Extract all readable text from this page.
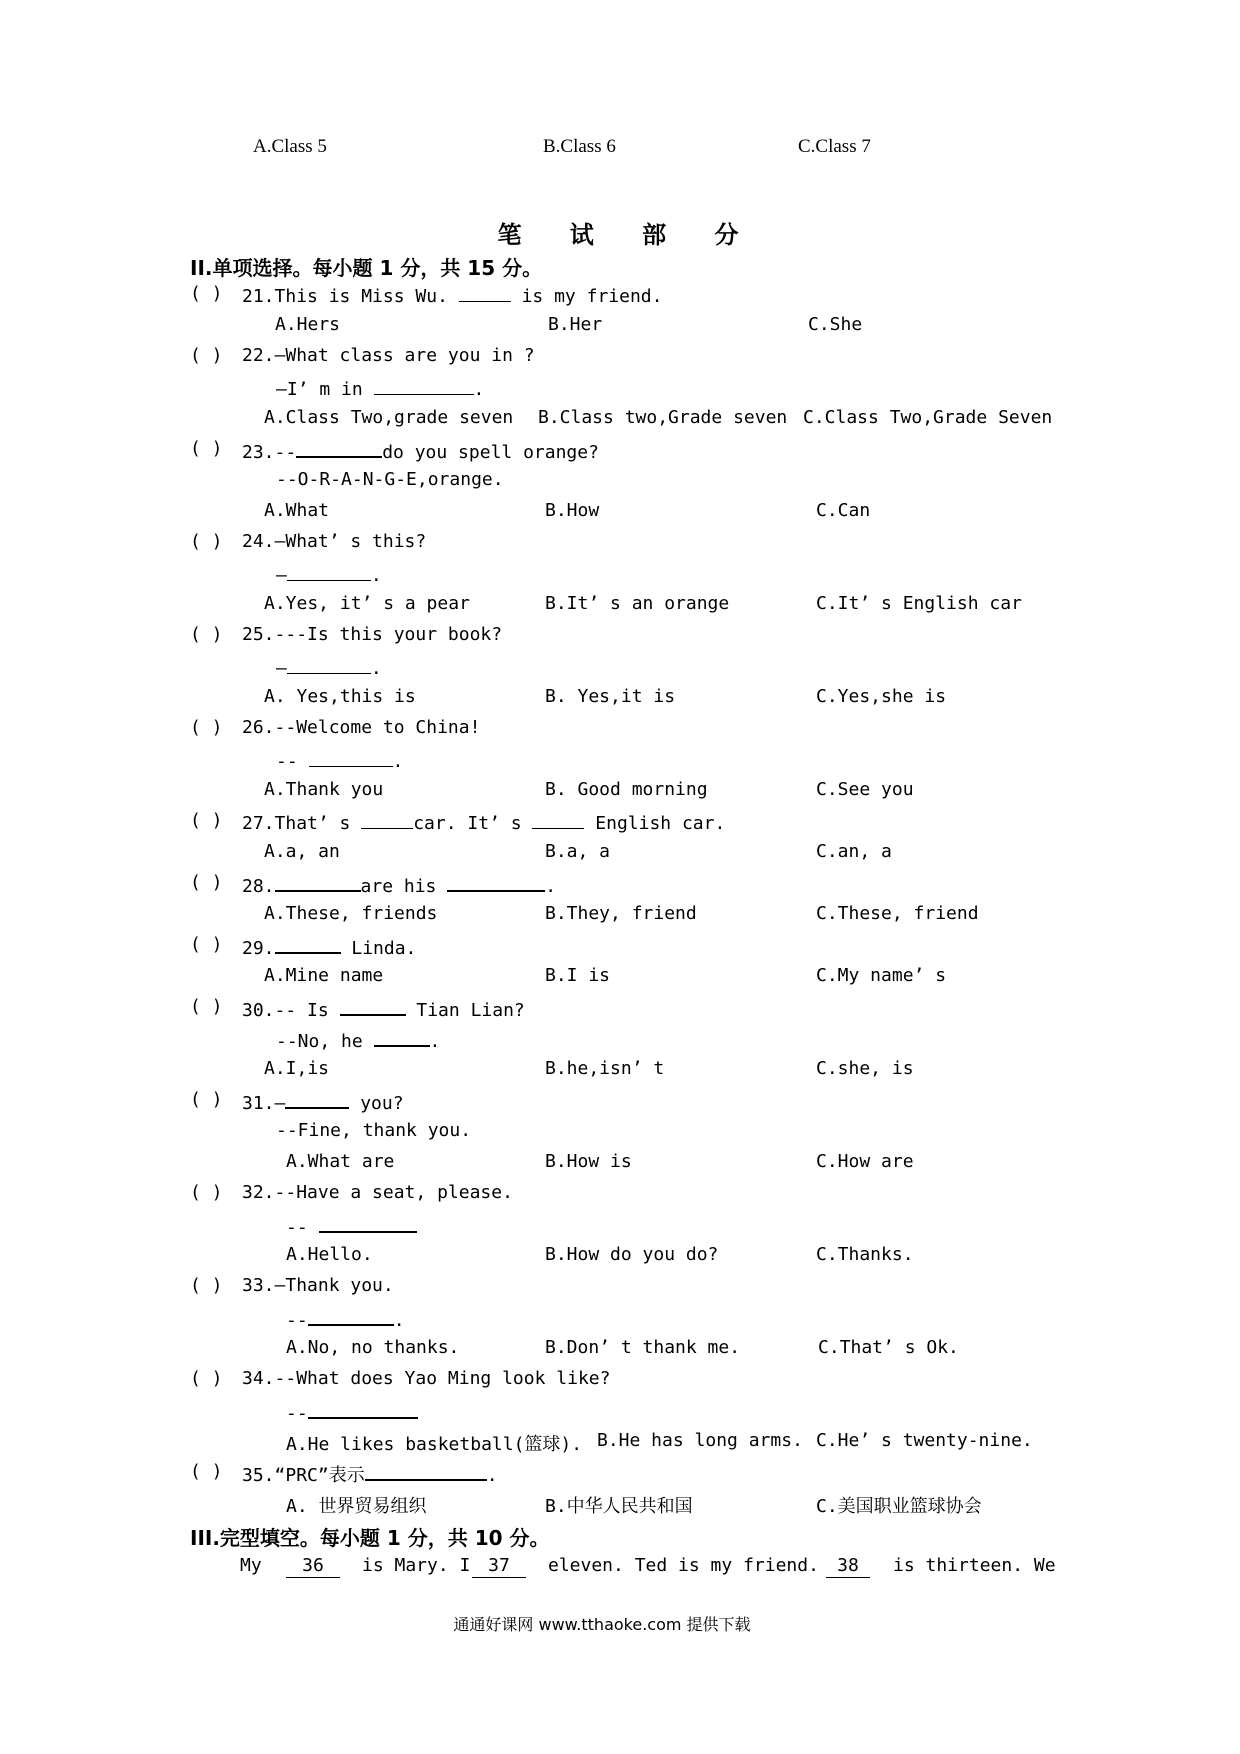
A.Class 5	B.Class 6	C.Class 7
笔 试 部 分
II.单项选择。每小题 1 分，共 15 分。
( ) 21.This is Miss Wu.	is my friend.
A.Hers	B.Her	C.She
( ) 22.—What class are you in ?
—I’ m in	.
A.Class Two,grade seven B.Class two,Grade seven C.Class Two,Grade Seven
( ) 23.--	do you spell orange?
--O-R-A-N-G-E,orange.
A.What	B.How	C.Can
( ) 24.—What’ s this?
—	.
A.Yes, it’ s a pear	B.It’ s an orange	C.It’ s English car
( ) 25.---Is this your book?
—	.
A. Yes,this is	B. Yes,it is	C.Yes,she is
( ) 26.--Welcome to China!
--	.
A.Thank you	B. Good morning	C.See you
( ) 27.That’ s	car. It’ s	English car.
A.a, an	B.a, a	C.an, a
( ) 28.	are his	.
A.These, friends	B.They, friend	C.These, friend
( ) 29.	Linda.
A.Mine name	B.I is	C.My name’ s
( ) 30.-- Is	Tian Lian?
--No, he	.
A.I,is	B.he,isn’ t	C.she, is
( ) 31.—	you?
--Fine, thank you.
A.What are	B.How is	C.How are
( ) 32.--Have a seat, please.
--
A.Hello.	B.How do you do?	C.Thanks.
( ) 33.—Thank you.
--	.
A.No, no thanks.	B.Don’ t thank me.	C.That’ s Ok.
( ) 34.--What does Yao Ming look like?
--
A.He likes basketball(篮球). B.He has long arms. C.He’ s twenty-nine.
( ) 35.“PRC”表示	.
A. 世界贸易组织	B.中华人民共和国	C.美国职业篮球协会
III.完型填空。每小题 1 分，共 10 分。
My	36	is Mary. I 37	eleven. Ted is my friend.	38	is thirteen. We
通通好课网 www.tthaoke.com 提供下载
